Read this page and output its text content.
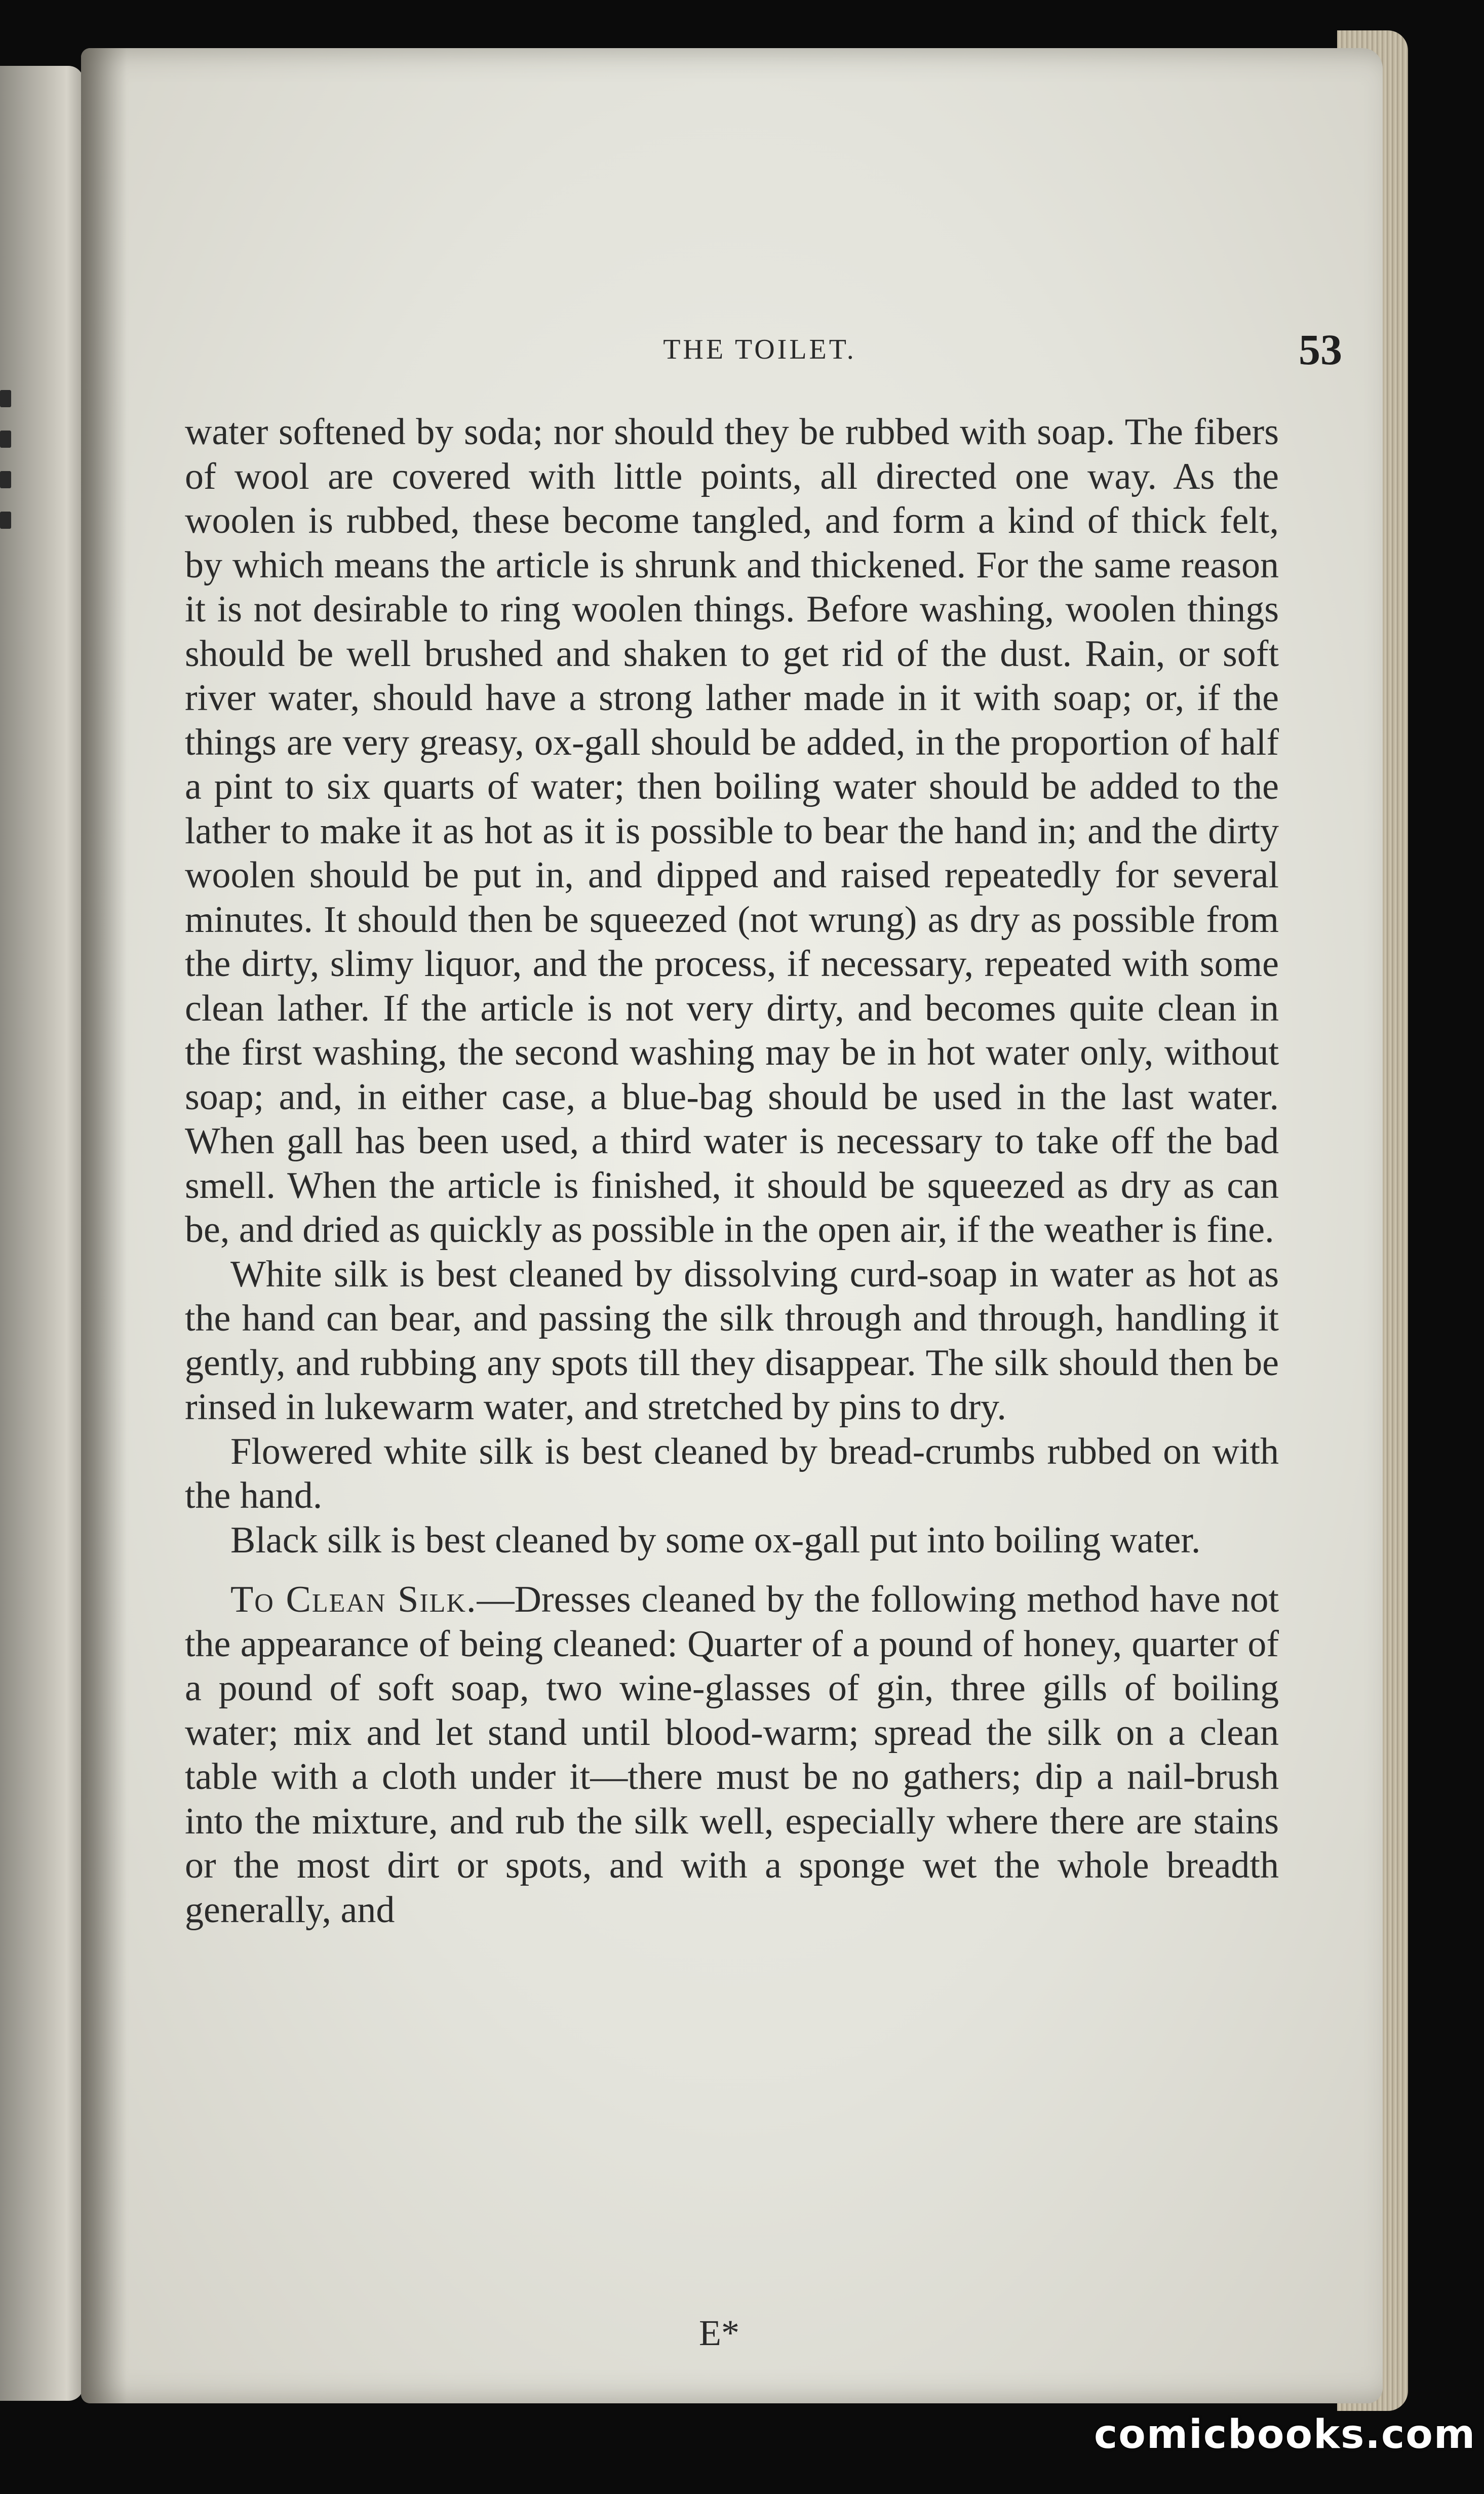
THE TOILET.	53

water softened by soda; nor should they be rubbed with soap. The fibers of wool are covered with little points, all directed one way. As the woolen is rubbed, these become tangled, and form a kind of thick felt, by which means the article is shrunk and thickened. For the same reason it is not desirable to ring woolen things. Before washing, woolen things should be well brushed and shaken to get rid of the dust. Rain, or soft river water, should have a strong lather made in it with soap; or, if the things are very greasy, ox-gall should be added, in the proportion of half a pint to six quarts of water; then boiling water should be added to the lather to make it as hot as it is possible to bear the hand in; and the dirty woolen should be put in, and dipped and raised repeatedly for several minutes. It should then be squeezed (not wrung) as dry as possible from the dirty, slimy liquor, and the process, if necessary, repeated with some clean lather. If the article is not very dirty, and becomes quite clean in the first washing, the second washing may be in hot water only, without soap; and, in either case, a blue-bag should be used in the last water. When gall has been used, a third water is necessary to take off the bad smell. When the article is finished, it should be squeezed as dry as can be, and dried as quickly as possible in the open air, if the weather is fine.

White silk is best cleaned by dissolving curd-soap in water as hot as the hand can bear, and passing the silk through and through, handling it gently, and rubbing any spots till they disappear. The silk should then be rinsed in lukewarm water, and stretched by pins to dry.

Flowered white silk is best cleaned by bread-crumbs rubbed on with the hand.

Black silk is best cleaned by some ox-gall put into boiling water.

To Clean Silk.—Dresses cleaned by the following method have not the appearance of being cleaned: Quarter of a pound of honey, quarter of a pound of soft soap, two wine-glasses of gin, three gills of boiling water; mix and let stand until blood-warm; spread the silk on a clean table with a cloth under it—there must be no gathers; dip a nail-brush into the mixture, and rub the silk well, especially where there are stains or the most dirt or spots, and with a sponge wet the whole breadth generally, and

E*
comicbooks.com
